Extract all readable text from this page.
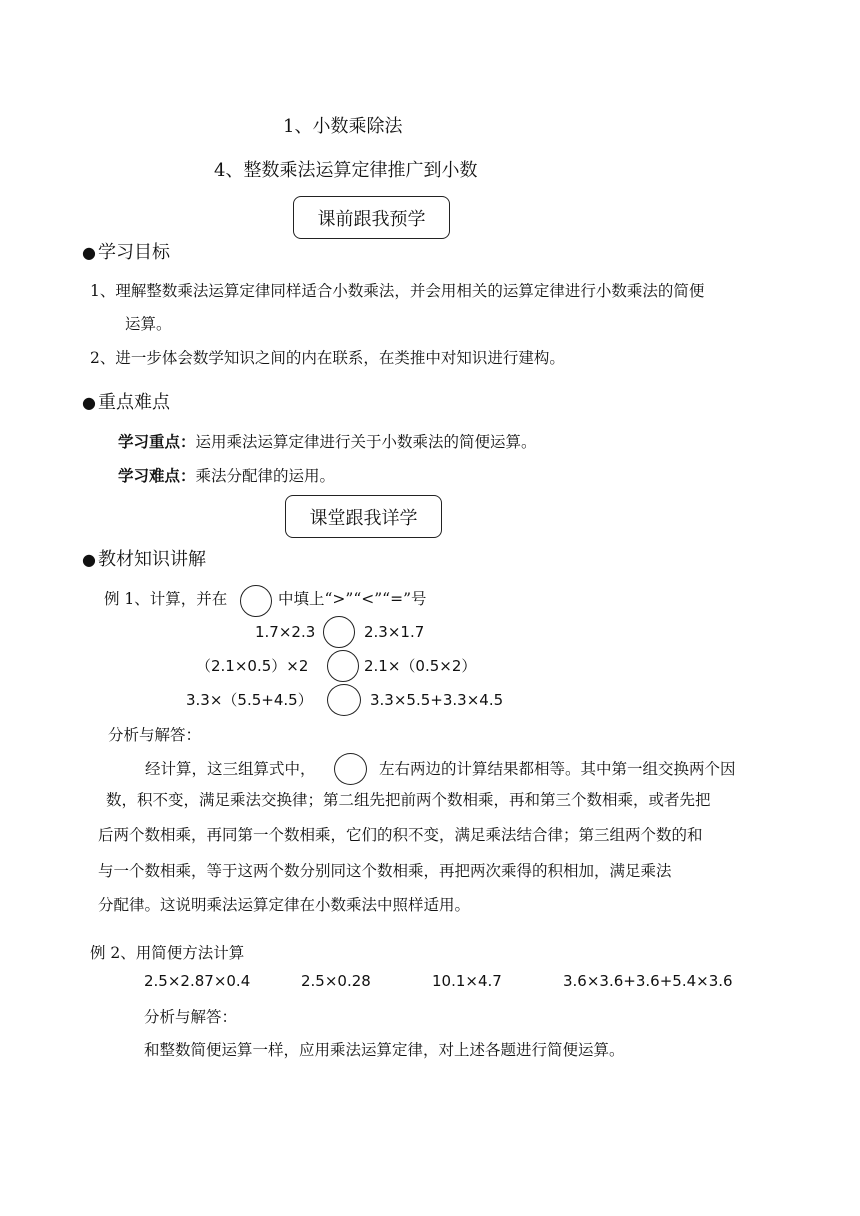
1、小数乘除法
4、整数乘法运算定律推广到小数
课前跟我预学
● 学习目标
1、理解整数乘法运算定律同样适合小数乘法，并会用相关的运算定律进行小数乘法的简便
运算。
2、进一步体会数学知识之间的内在联系，在类推中对知识进行建构。
● 重点难点
学习重点：运用乘法运算定律进行关于小数乘法的简便运算。
学习难点：乘法分配律的运用。
课堂跟我详学
● 教材知识讲解
例 1、计算，并在	中填上“>”“<”“=”号
1.7×2.3	2.3×1.7
（2.1×0.5）×2	2.1×（0.5×2）
3.3×（5.5+4.5）	3.3×5.5+3.3×4.5
分析与解答：
经计算，这三组算式中，	左右两边的计算结果都相等。其中第一组交换两个因
数，积不变，满足乘法交换律；第二组先把前两个数相乘，再和第三个数相乘，或者先把
后两个数相乘，再同第一个数相乘，它们的积不变，满足乘法结合律；第三组两个数的和
与一个数相乘，等于这两个数分别同这个数相乘，再把两次乘得的积相加，满足乘法
分配律。这说明乘法运算定律在小数乘法中照样适用。
例 2、用简便方法计算
2.5×2.87×0.4	2.5×0.28	10.1×4.7	3.6×3.6+3.6+5.4×3.6
分析与解答：
和整数简便运算一样，应用乘法运算定律，对上述各题进行简便运算。
